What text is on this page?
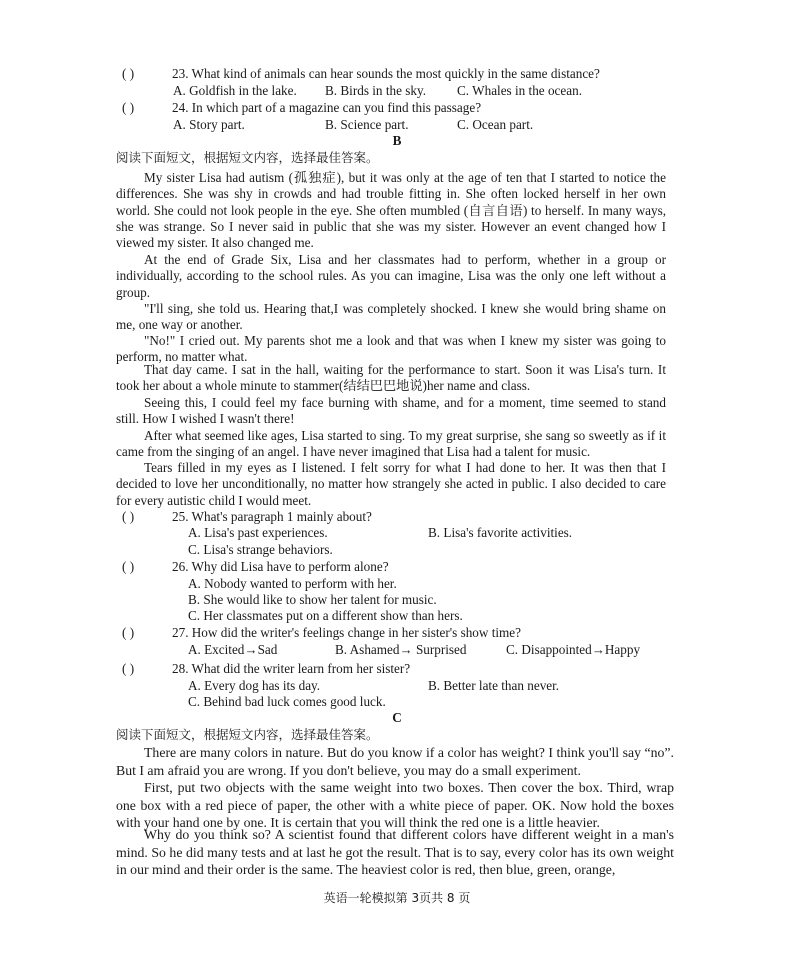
( )	23. What kind of animals can hear sounds the most quickly in the same distance?
A. Goldfish in the lake. B. Birds in the sky. C. Whales in the ocean.
( )	24. In which part of a magazine can you find this passage?
A. Story part.	B. Science part.	C. Ocean part.
B
阅读下面短文，根据短文内容，选择最佳答案。
My sister Lisa had autism (孤独症), but it was only at the age of ten that I started to notice the differences. She was shy in crowds and had trouble fitting in. She often locked herself in her own world. She could not look people in the eye. She often mumbled (自言自语) to herself. In many ways, she was strange. So I never said in public that she was my sister. However an event changed how I viewed my sister. It also changed me.
At the end of Grade Six, Lisa and her classmates had to perform, whether in a group or individually, according to the school rules. As you can imagine, Lisa was the only one left without a group.
"I'll sing, she told us. Hearing that,I was completely shocked. I knew she would bring shame on me, one way or another.
"No!" I cried out. My parents shot me a look and that was when I knew my sister was going to perform, no matter what.
That day came. I sat in the hall, waiting for the performance to start. Soon it was Lisa's turn. It took her about a whole minute to stammer(结结巴巴地说)her name and class.
Seeing this, I could feel my face burning with shame, and for a moment, time seemed to stand still. How I wished I wasn't there!
After what seemed like ages, Lisa started to sing. To my great surprise, she sang so sweetly as if it came from the singing of an angel. I have never imagined that Lisa had a talent for music.
Tears filled in my eyes as I listened. I felt sorry for what I had done to her. It was then that I decided to love her unconditionally, no matter how strangely she acted in public. I also decided to care for every autistic child I would meet.
( )	25. What's paragraph 1 mainly about?
A. Lisa's past experiences.	B. Lisa's favorite activities.
C. Lisa's strange behaviors.
( )	26. Why did Lisa have to perform alone?
A. Nobody wanted to perform with her.
B. She would like to show her talent for music.
C. Her classmates put on a different show than hers.
( )	27. How did the writer's feelings change in her sister's show time?
A. Excited→Sad	B. Ashamed→ Surprised	C. Disappointed→Happy
( )	28. What did the writer learn from her sister?
A. Every dog has its day.	B. Better late than never.
C. Behind bad luck comes good luck.
C
阅读下面短文，根据短文内容，选择最佳答案。
There are many colors in nature. But do you know if a color has weight? I think you'll say “no”. But I am afraid you are wrong. If you don't believe, you may do a small experiment.
First, put two objects with the same weight into two boxes. Then cover the box. Third, wrap one box with a red piece of paper, the other with a white piece of paper. OK. Now hold the boxes with your hand one by one. It is certain that you will think the red one is a little heavier.
Why do you think so? A scientist found that different colors have different weight in a man's mind. So he did many tests and at last he got the result. That is to say, every color has its own weight in our mind and their order is the same. The heaviest color is red, then blue, green, orange,
英语一轮模拟第 3页共 8 页
